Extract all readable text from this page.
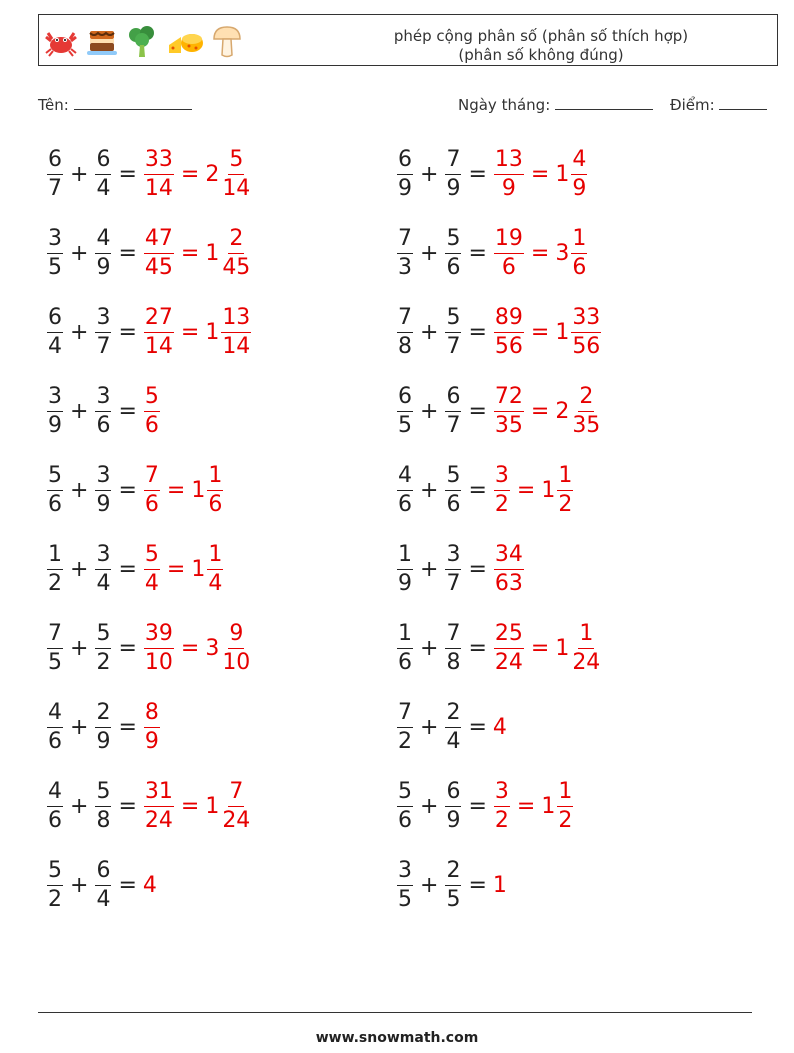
phép cộng phân số (phân số thích hợp)
(phân số không đúng)
Tên:	Ngày tháng:	Điểm:
$\frac{6}{7} + \frac{6}{4} = \frac{33}{14} = 2 \frac{5}{14}$
$\frac{3}{5} + \frac{4}{9} = \frac{47}{45} = 1 \frac{2}{45}$
$\frac{6}{4} + \frac{3}{7} = \frac{27}{14} = 1 \frac{13}{14}$
$\frac{3}{9} + \frac{3}{6} = \frac{5}{6}$
$\frac{5}{6} + \frac{3}{9} = \frac{7}{6} = 1 \frac{1}{6}$
$\frac{1}{2} + \frac{3}{4} = \frac{5}{4} = 1 \frac{1}{4}$
$\frac{7}{5} + \frac{5}{2} = \frac{39}{10} = 3 \frac{9}{10}$
$\frac{4}{6} + \frac{2}{9} = \frac{8}{9}$
$\frac{4}{6} + \frac{5}{8} = \frac{31}{24} = 1 \frac{7}{24}$
$\frac{5}{2} + \frac{6}{4} = 4$
$\frac{6}{9} + \frac{7}{9} = \frac{13}{9} = 1 \frac{4}{9}$
$\frac{7}{3} + \frac{5}{6} = \frac{19}{6} = 3 \frac{1}{6}$
$\frac{7}{8} + \frac{5}{7} = \frac{89}{56} = 1 \frac{33}{56}$
$\frac{6}{5} + \frac{6}{7} = \frac{72}{35} = 2 \frac{2}{35}$
$\frac{4}{6} + \frac{5}{6} = \frac{3}{2} = 1 \frac{1}{2}$
$\frac{1}{9} + \frac{3}{7} = \frac{34}{63}$
$\frac{1}{6} + \frac{7}{8} = \frac{25}{24} = 1 \frac{1}{24}$
$\frac{7}{2} + \frac{2}{4} = 4$
$\frac{5}{6} + \frac{6}{9} = \frac{3}{2} = 1 \frac{1}{2}$
$\frac{3}{5} + \frac{2}{5} = 1$
www.snowmath.com
